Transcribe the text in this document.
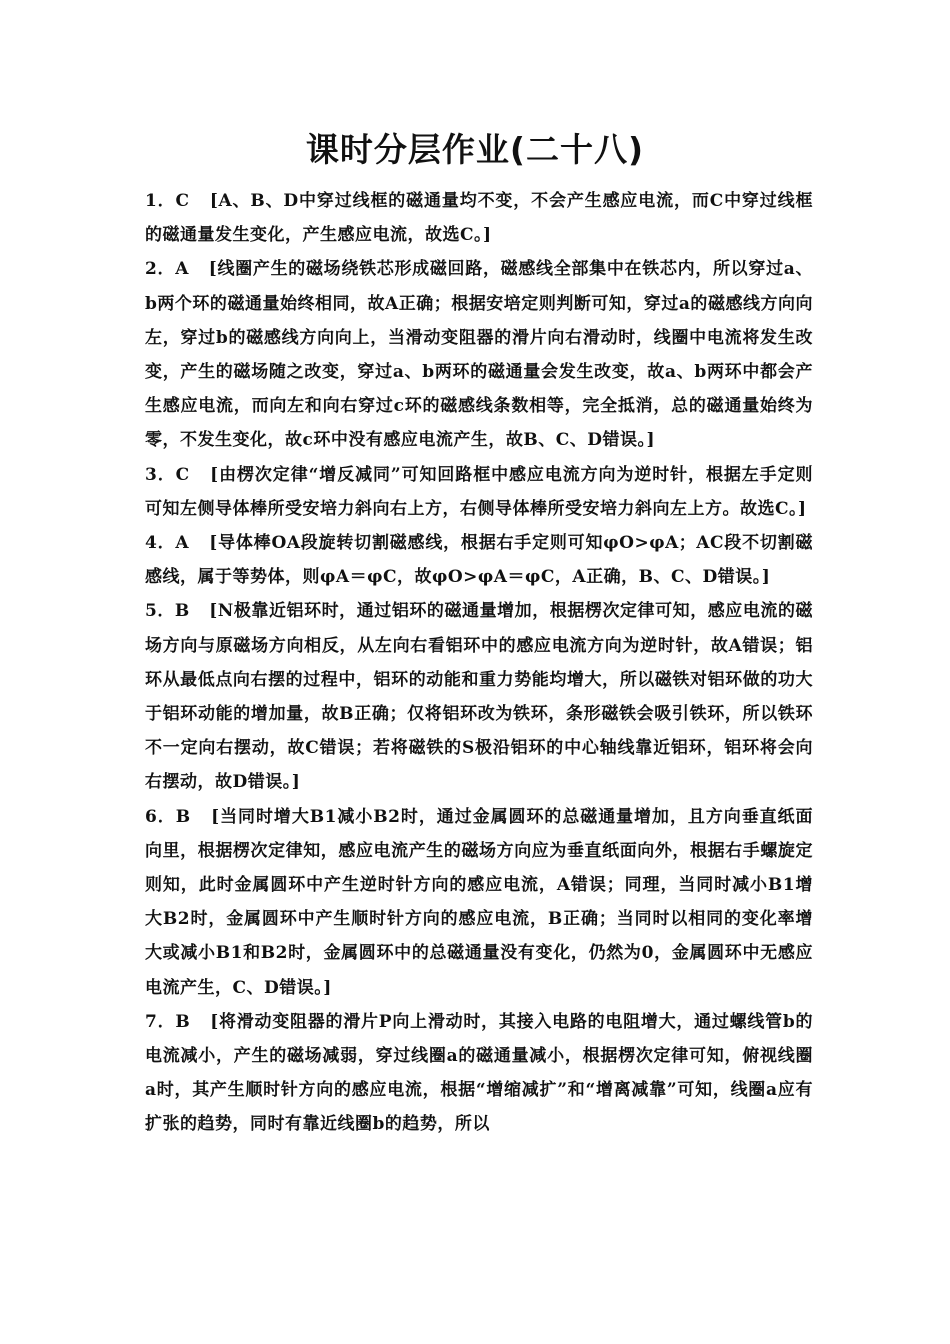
课时分层作业(二十八)

1．C [A、B、D中穿过线框的磁通量均不变，不会产生感应电流，而C中穿过线框的磁通量发生变化，产生感应电流，故选C。]

2．A [线圈产生的磁场绕铁芯形成磁回路，磁感线全部集中在铁芯内，所以穿过a、b两个环的磁通量始终相同，故A正确；根据安培定则判断可知，穿过a的磁感线方向向左，穿过b的磁感线方向向上，当滑动变阻器的滑片向右滑动时，线圈中电流将发生改变，产生的磁场随之改变，穿过a、b两环的磁通量会发生改变，故a、b两环中都会产生感应电流，而向左和向右穿过c环的磁感线条数相等，完全抵消，总的磁通量始终为零，不发生变化，故c环中没有感应电流产生，故B、C、D错误。]

3．C [由楞次定律“增反减同”可知回路框中感应电流方向为逆时针，根据左手定则可知左侧导体棒所受安培力斜向右上方，右侧导体棒所受安培力斜向左上方。故选C。]

4．A [导体棒OA段旋转切割磁感线，根据右手定则可知φO>φA；AC段不切割磁感线，属于等势体，则φA＝φC，故φO>φA＝φC，A正确，B、C、D错误。]

5．B [N极靠近铝环时，通过铝环的磁通量增加，根据楞次定律可知，感应电流的磁场方向与原磁场方向相反，从左向右看铝环中的感应电流方向为逆时针，故A错误；铝环从最低点向右摆的过程中，铝环的动能和重力势能均增大，所以磁铁对铝环做的功大于铝环动能的增加量，故B正确；仅将铝环改为铁环，条形磁铁会吸引铁环，所以铁环不一定向右摆动，故C错误；若将磁铁的S极沿铝环的中心轴线靠近铝环，铝环将会向右摆动，故D错误。]

6．B [当同时增大B1减小B2时，通过金属圆环的总磁通量增加，且方向垂直纸面向里，根据楞次定律知，感应电流产生的磁场方向应为垂直纸面向外，根据右手螺旋定则知，此时金属圆环中产生逆时针方向的感应电流，A错误；同理，当同时减小B1增大B2时，金属圆环中产生顺时针方向的感应电流，B正确；当同时以相同的变化率增大或减小B1和B2时，金属圆环中的总磁通量没有变化，仍然为0，金属圆环中无感应电流产生，C、D错误。]

7．B [将滑动变阻器的滑片P向上滑动时，其接入电路的电阻增大，通过螺线管b的电流减小，产生的磁场减弱，穿过线圈a的磁通量减小，根据楞次定律可知，俯视线圈a时，其产生顺时针方向的感应电流，根据“增缩减扩”和“增离减靠”可知，线圈a应有扩张的趋势，同时有靠近线圈b的趋势，所以
